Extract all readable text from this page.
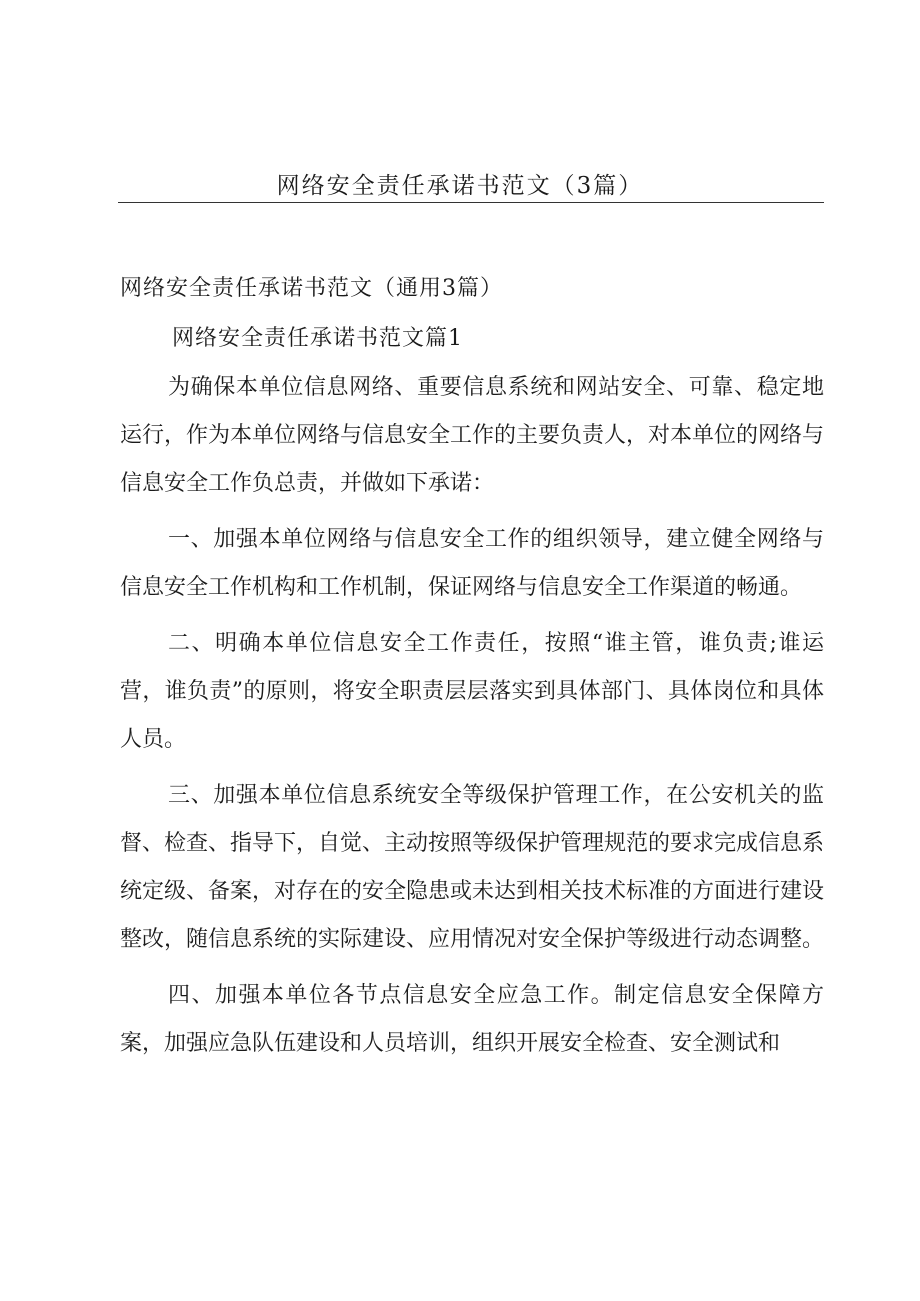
网络安全责任承诺书范文（3篇）
网络安全责任承诺书范文（通用3篇）
网络安全责任承诺书范文篇1

为确保本单位信息网络、重要信息系统和网站安全、可靠、稳定地运行，作为本单位网络与信息安全工作的主要负责人，对本单位的网络与信息安全工作负总责，并做如下承诺：

一、加强本单位网络与信息安全工作的组织领导，建立健全网络与信息安全工作机构和工作机制，保证网络与信息安全工作渠道的畅通。

二、明确本单位信息安全工作责任，按照“谁主管，谁负责;谁运营，谁负责”的原则，将安全职责层层落实到具体部门、具体岗位和具体人员。

三、加强本单位信息系统安全等级保护管理工作，在公安机关的监督、检查、指导下，自觉、主动按照等级保护管理规范的要求完成信息系统定级、备案，对存在的安全隐患或未达到相关技术标准的方面进行建设整改，随信息系统的实际建设、应用情况对安全保护等级进行动态调整。

四、加强本单位各节点信息安全应急工作。制定信息安全保障方案，加强应急队伍建设和人员培训，组织开展安全检查、安全测试和
